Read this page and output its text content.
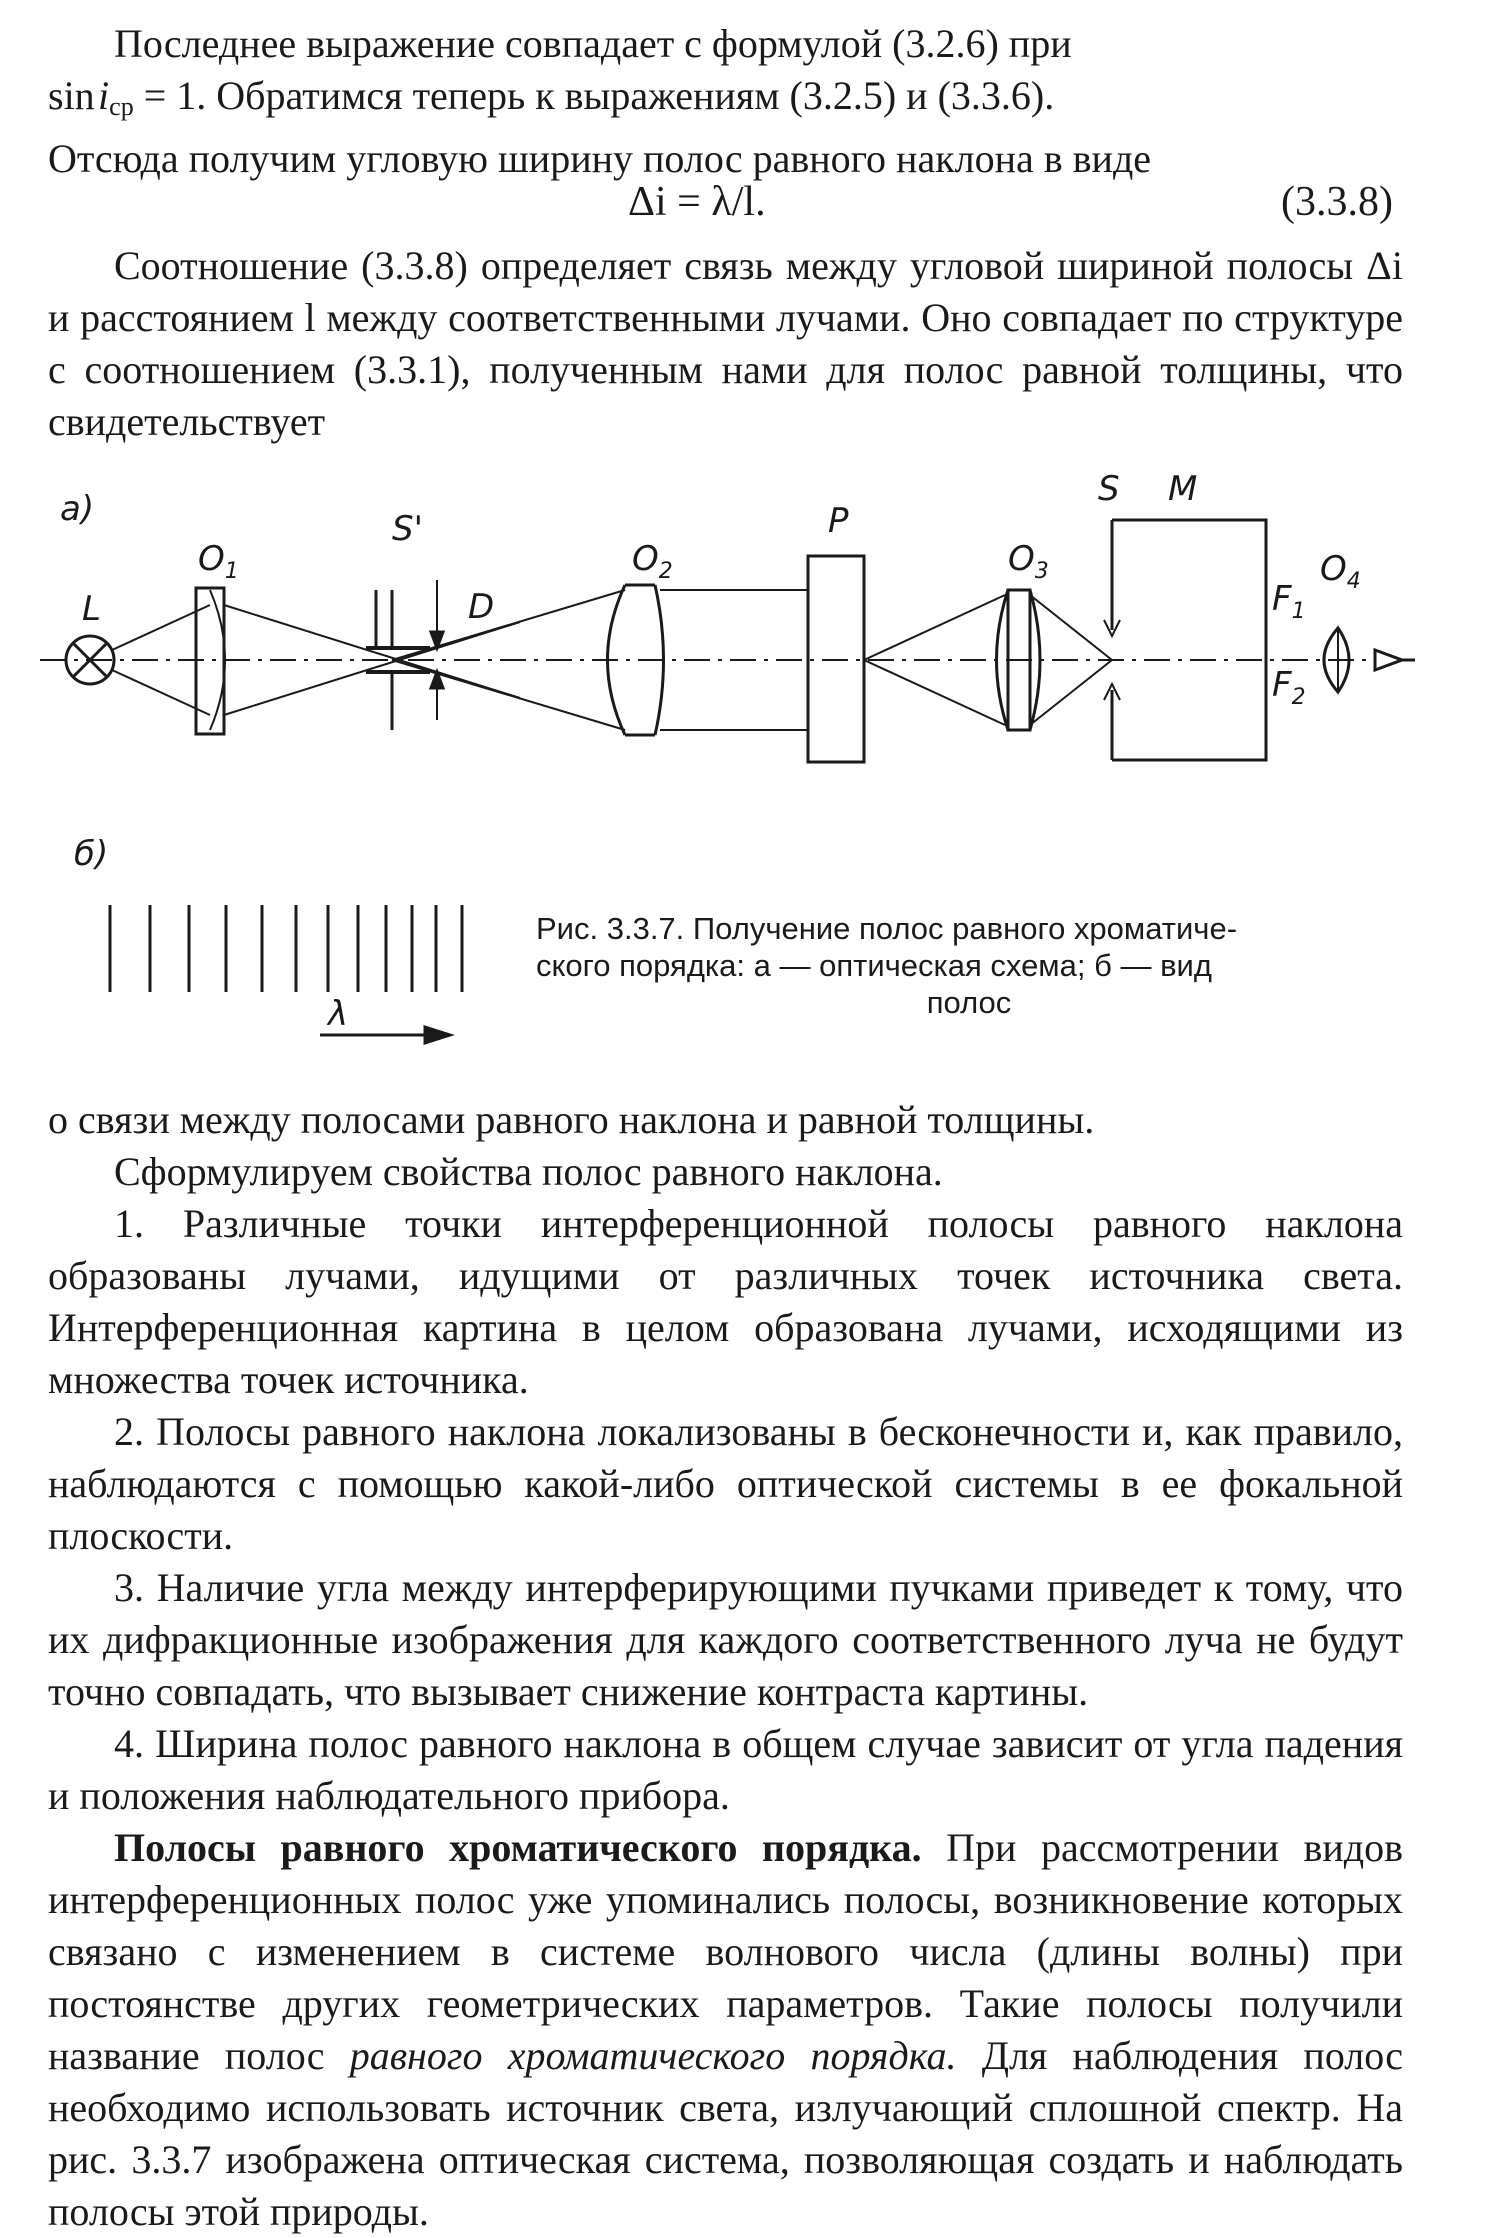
Последнее выражение совпадает с формулой (3.2.6) при

sin $i_{ср} = 1$. Обратимся теперь к выражениям (3.2.5) и (3.3.6).

Отсюда получим угловую ширину полос равного наклона в виде

Δi = λ/l.	(3.3.8)

Соотношение (3.3.8) определяет связь между угловой шириной полосы Δi и расстоянием l между соответственными лучами. Оно совпадает по структуре с соотношением (3.3.1), полученным нами для полос равной толщины, что свидетельствует

а)
L
$O_1$
S'
D
$O_2$
P
$O_3$
S M
$F_1$
$F_2$
$O_4$
б)
λ
Рис. 3.3.7. Получение полос равного хроматиче-
ского порядка: а — оптическая схема; б — вид
полос

о связи между полосами равного наклона и равной толщины.

Сформулируем свойства полос равного наклона.

1. Различные точки интерференционной полосы равного наклона образованы лучами, идущими от различных точек источника света. Интерференционная картина в целом образована лучами, исходящими из множества точек источника.

2. Полосы равного наклона локализованы в бесконечности и, как правило, наблюдаются с помощью какой-либо оптической системы в ее фокальной плоскости.

3. Наличие угла между интерферирующими пучками приведет к тому, что их дифракционные изображения для каждого соответственного луча не будут точно совпадать, что вызывает снижение контраста картины.

4. Ширина полос равного наклона в общем случае зависит от угла падения и положения наблюдательного прибора.

Полосы равного хроматического порядка. При рассмотрении видов интерференционных полос уже упоминались полосы, возникновение которых связано с изменением в системе волнового числа (длины волны) при постоянстве других геометрических параметров. Такие полосы получили название полос равного хроматического порядка. Для наблюдения полос необходимо использовать источник света, излучающий сплошной спектр. На рис. 3.3.7 изображена оптическая система, позволяющая создать и наблюдать полосы этой природы.
